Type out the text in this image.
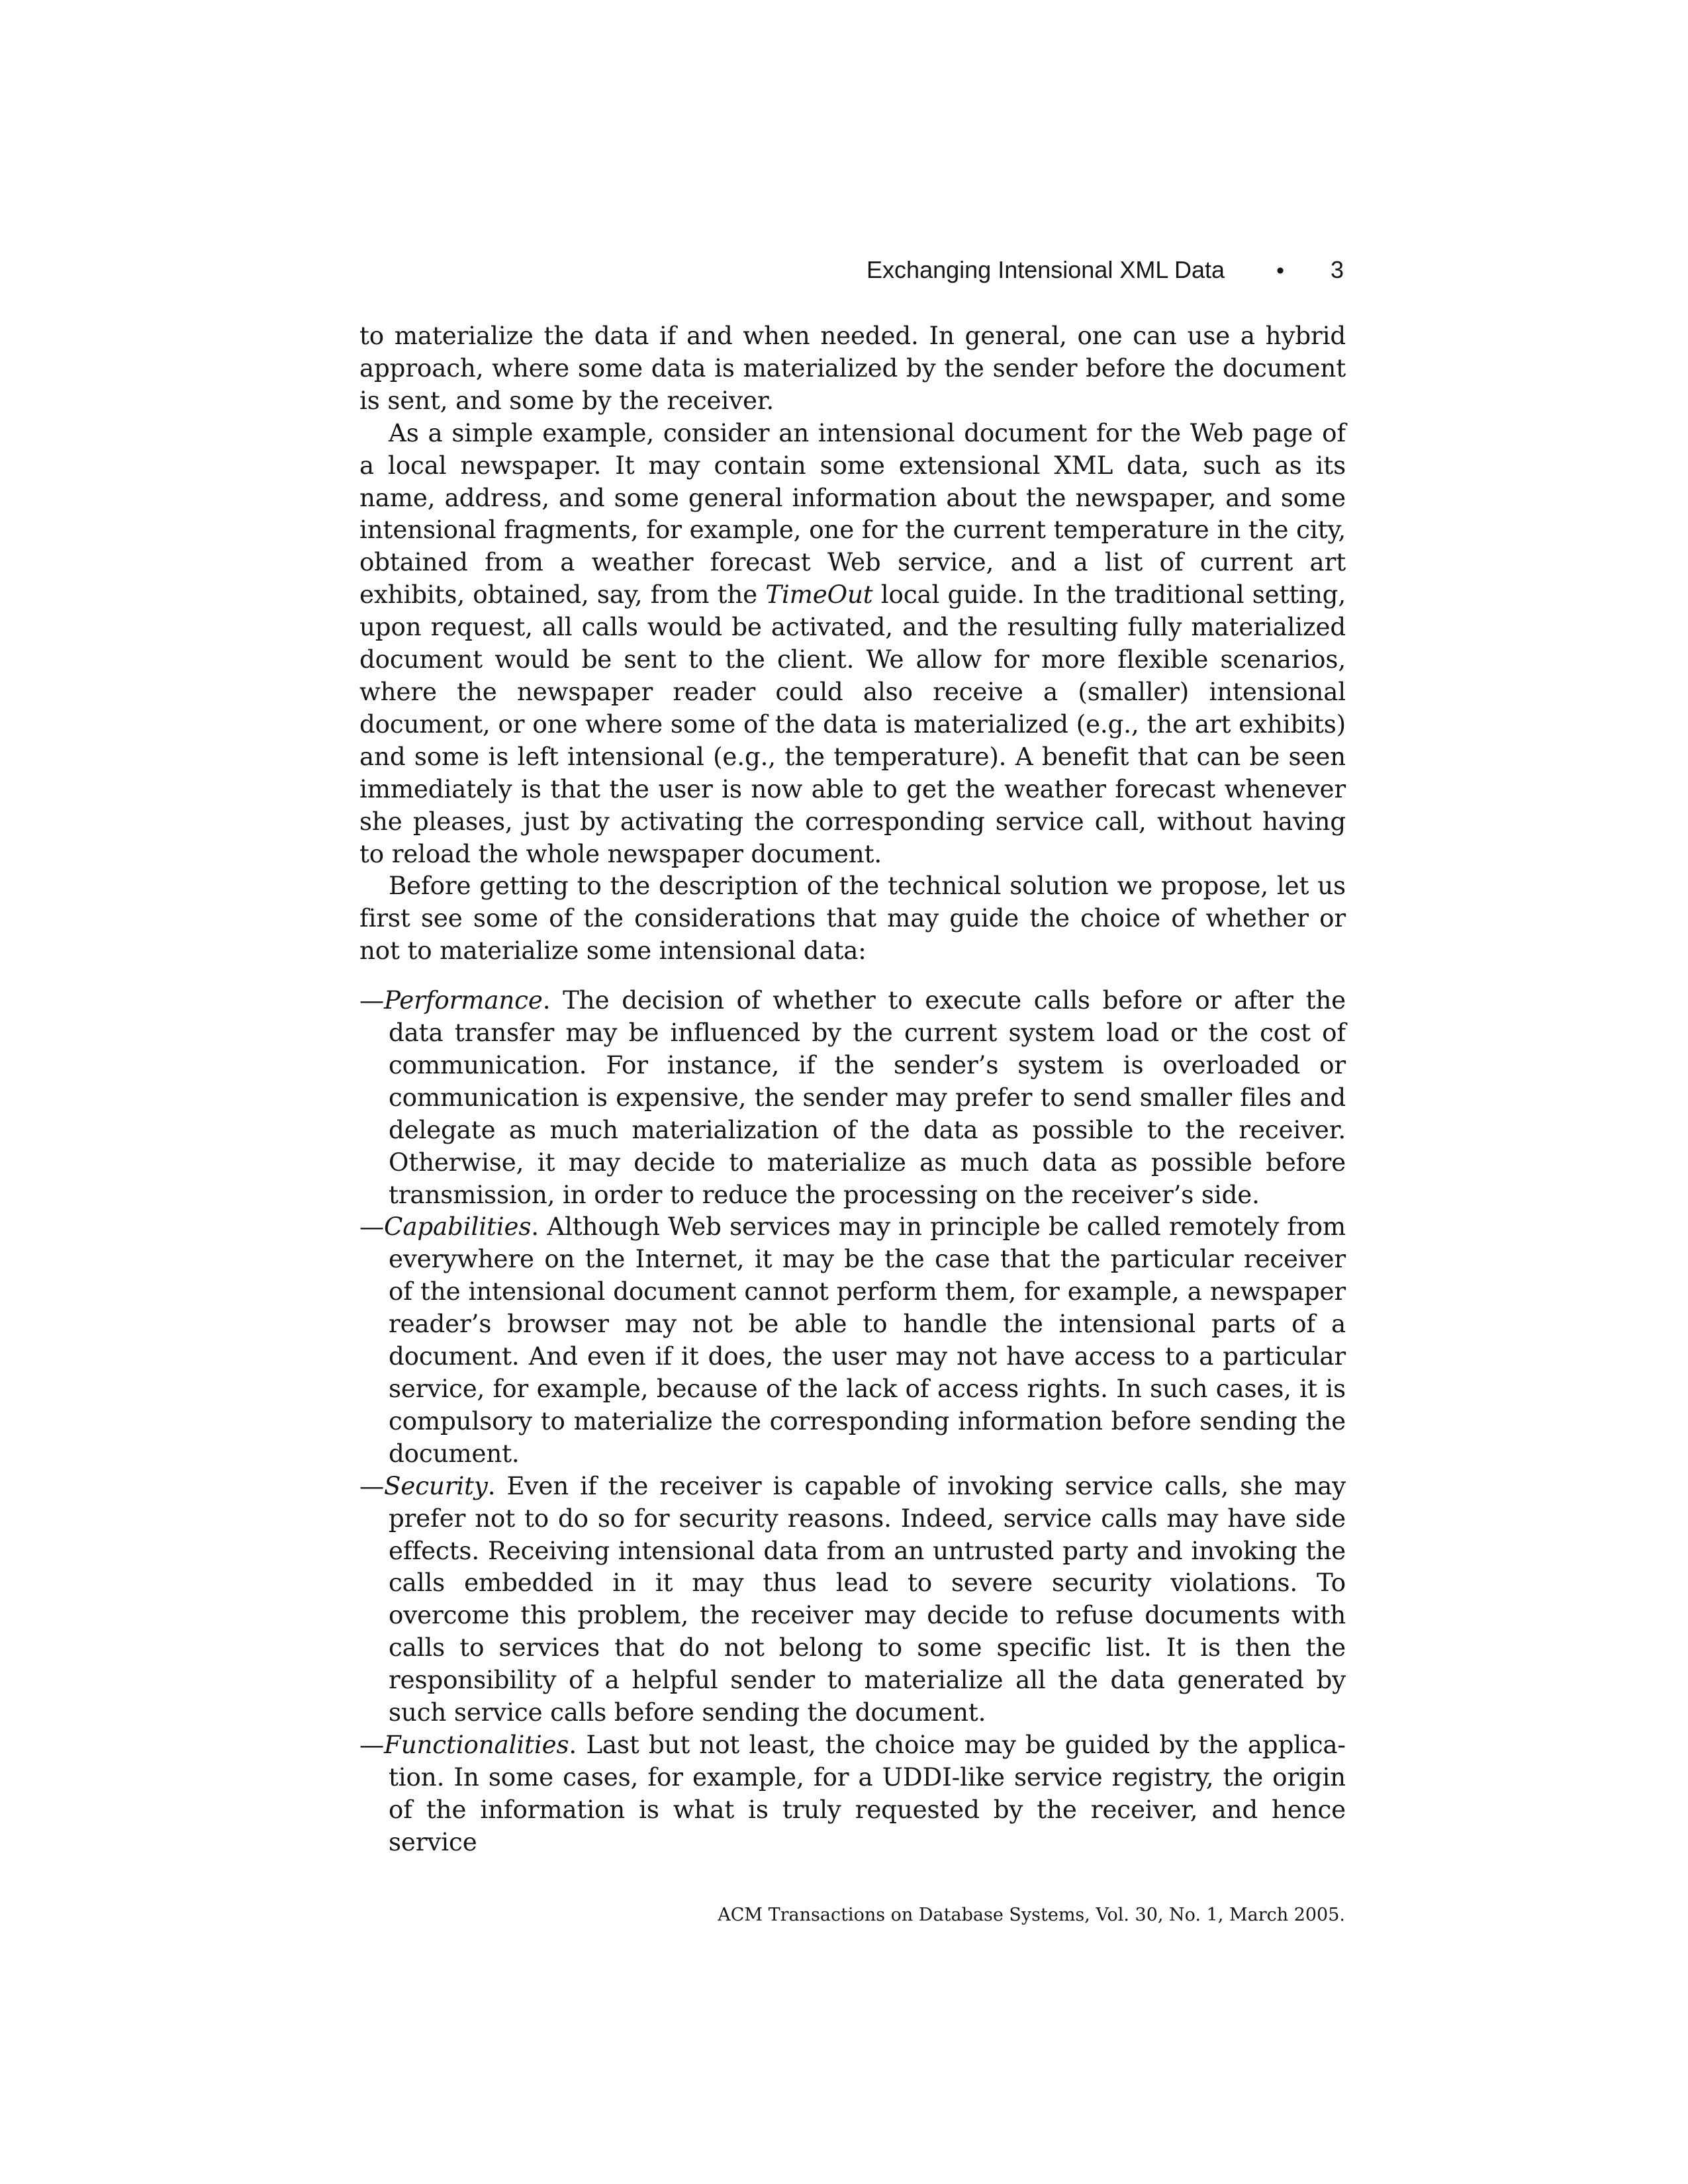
Exchanging Intensional XML Data • 3

to materialize the data if and when needed. In general, one can use a hybrid approach, where some data is materialized by the sender before the document is sent, and some by the receiver.

As a simple example, consider an intensional document for the Web page of a local newspaper. It may contain some extensional XML data, such as its name, address, and some general information about the newspaper, and some intensional fragments, for example, one for the current temperature in the city, obtained from a weather forecast Web service, and a list of current art exhibits, obtained, say, from the TimeOut local guide. In the traditional setting, upon request, all calls would be activated, and the resulting fully materialized document would be sent to the client. We allow for more flexible scenarios, where the newspaper reader could also receive a (smaller) intensional document, or one where some of the data is materialized (e.g., the art exhibits) and some is left intensional (e.g., the temperature). A benefit that can be seen immediately is that the user is now able to get the weather forecast whenever she pleases, just by activating the corresponding service call, without having to reload the whole newspaper document.

Before getting to the description of the technical solution we propose, let us first see some of the considerations that may guide the choice of whether or not to materialize some intensional data:

—Performance. The decision of whether to execute calls before or after the data transfer may be influenced by the current system load or the cost of communication. For instance, if the sender’s system is overloaded or communication is expensive, the sender may prefer to send smaller files and delegate as much materialization of the data as possible to the receiver. Otherwise, it may decide to materialize as much data as possible before transmission, in order to reduce the processing on the receiver’s side.
—Capabilities. Although Web services may in principle be called remotely from everywhere on the Internet, it may be the case that the particular receiver of the intensional document cannot perform them, for example, a newspaper reader’s browser may not be able to handle the intensional parts of a document. And even if it does, the user may not have access to a particular service, for example, because of the lack of access rights. In such cases, it is compulsory to materialize the corresponding information before sending the document.
—Security. Even if the receiver is capable of invoking service calls, she may prefer not to do so for security reasons. Indeed, service calls may have side effects. Receiving intensional data from an untrusted party and invoking the calls embedded in it may thus lead to severe security violations. To overcome this problem, the receiver may decide to refuse documents with calls to services that do not belong to some specific list. It is then the responsibility of a helpful sender to materialize all the data generated by such service calls before sending the document.
—Functionalities. Last but not least, the choice may be guided by the application. In some cases, for example, for a UDDI-like service registry, the origin of the information is what is truly requested by the receiver, and hence service
ACM Transactions on Database Systems, Vol. 30, No. 1, March 2005.
